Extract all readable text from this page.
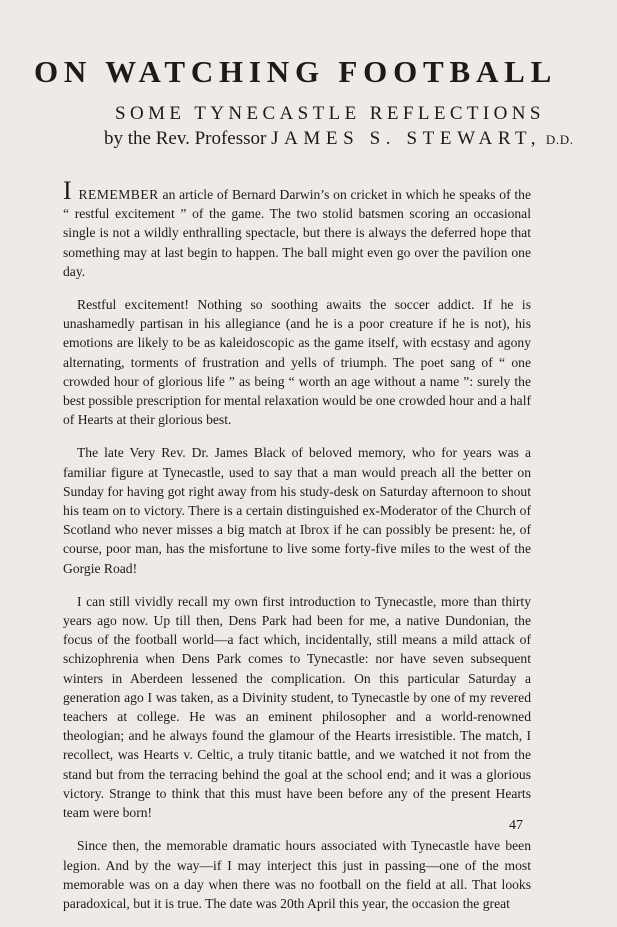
ON WATCHING FOOTBALL
SOME TYNECASTLE REFLECTIONS
by the Rev. Professor JAMES S. STEWART, D.D.

I REMEMBER an article of Bernard Darwin’s on cricket in which he speaks of the “ restful excitement ” of the game. The two stolid batsmen scoring an occasional single is not a wildly enthralling spectacle, but there is always the deferred hope that something may at last begin to happen. The ball might even go over the pavilion one day.

Restful excitement! Nothing so soothing awaits the soccer addict. If he is unashamedly partisan in his allegiance (and he is a poor creature if he is not), his emotions are likely to be as kaleidoscopic as the game itself, with ecstasy and agony alternating, torments of frustration and yells of triumph. The poet sang of “ one crowded hour of glorious life ” as being “ worth an age without a name ”: surely the best possible prescription for mental relaxation would be one crowded hour and a half of Hearts at their glorious best.

The late Very Rev. Dr. James Black of beloved memory, who for years was a familiar figure at Tynecastle, used to say that a man would preach all the better on Sunday for having got right away from his study-desk on Saturday afternoon to shout his team on to victory. There is a certain distinguished ex-Moderator of the Church of Scotland who never misses a big match at Ibrox if he can possibly be present: he, of course, poor man, has the misfortune to live some forty-five miles to the west of the Gorgie Road!

I can still vividly recall my own first introduction to Tynecastle, more than thirty years ago now. Up till then, Dens Park had been for me, a native Dundonian, the focus of the football world—a fact which, incidentally, still means a mild attack of schizophrenia when Dens Park comes to Tynecastle: nor have seven subsequent winters in Aberdeen lessened the complication. On this particular Saturday a generation ago I was taken, as a Divinity student, to Tynecastle by one of my revered teachers at college. He was an eminent philosopher and a world-renowned theologian; and he always found the glamour of the Hearts irresistible. The match, I recollect, was Hearts v. Celtic, a truly titanic battle, and we watched it not from the stand but from the terracing behind the goal at the school end; and it was a glorious victory. Strange to think that this must have been before any of the present Hearts team were born!

Since then, the memorable dramatic hours associated with Tynecastle have been legion. And by the way—if I may interject this just in passing—one of the most memorable was on a day when there was no football on the field at all. That looks paradoxical, but it is true. The date was 20th April this year, the occasion the great

47
